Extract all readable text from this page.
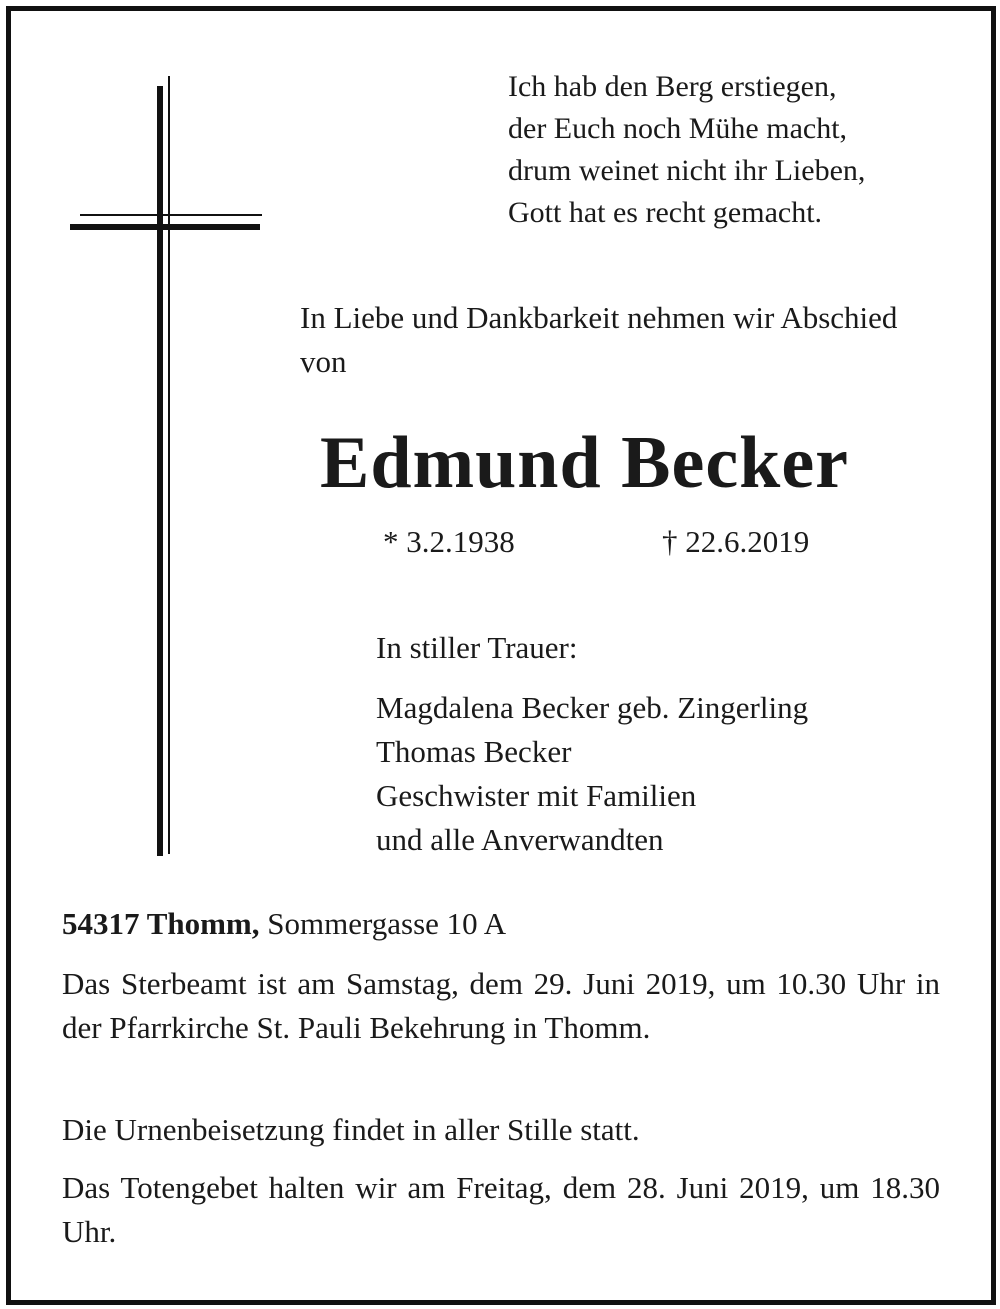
Ich hab den Berg erstiegen,
der Euch noch Mühe macht,
drum weinet nicht ihr Lieben,
Gott hat es recht gemacht.
In Liebe und Dankbarkeit nehmen wir Abschied von
Edmund Becker
* 3.2.1938	† 22.6.2019
In stiller Trauer:
Magdalena Becker geb. Zingerling
Thomas Becker
Geschwister mit Familien
und alle Anverwandten
54317 Thomm, Sommergasse 10 A
Das Sterbeamt ist am Samstag, dem 29. Juni 2019, um 10.30 Uhr in der Pfarrkirche St. Pauli Bekehrung in Thomm.
Die Urnenbeisetzung findet in aller Stille statt.
Das Totengebet halten wir am Freitag, dem 28. Juni 2019, um 18.30 Uhr.
